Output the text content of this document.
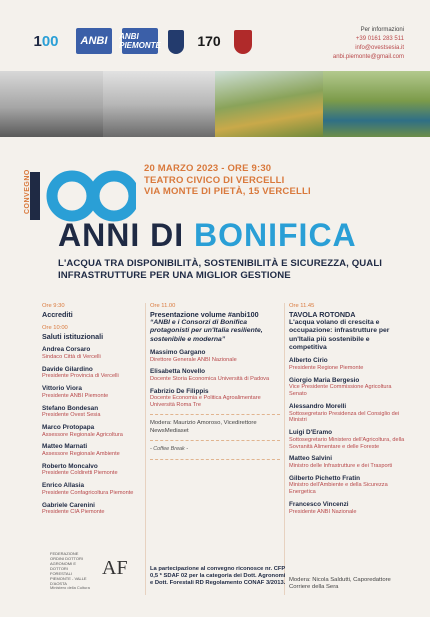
1 00	ANBI	ANBI PIEMONTE	170
Per informazioni
+39 0161 283 511
info@ovestsesia.it
anbi.piemonte@gmail.com
20 MARZO 2023 - ORE 9:30
TEATRO CIVICO DI VERCELLI
VIA MONTE DI PIETÀ, 15 VERCELLI
CONVEGNO
ANNI DI BONIFICA
L'ACQUA TRA DISPONIBILITÀ, SOSTENIBILITÀ E SICUREZZA, QUALI INFRASTRUTTURE PER UNA MIGLIOR GESTIONE
Ore 9:30
Accrediti
Ore 10:00
Saluti istituzionali
Andrea Corsaro
Sindaco Città di Vercelli
Davide Gilardino
Presidente Provincia di Vercelli
Vittorio Viora
Presidente ANBI Piemonte
Stefano Bondesan
Presidente Ovest Sesia
Marco Protopapa
Assessore Regionale Agricoltura
Matteo Marnati
Assessore Regionale Ambiente
Roberto Moncalvo
Presidente Coldiretti Piemonte
Enrico Allasia
Presidente Confagricoltura Piemonte
Gabriele Carenini
Presidente CIA Piemonte
Ore 11.00
Presentazione volume #anbi100
“ANBI e i Consorzi di Bonifica protagonisti per un'Italia resiliente, sostenibile e moderna”
Massimo Gargano
Direttore Generale ANBI Nazionale
Elisabetta Novello
Docente Storia Economica Università di Padova
Fabrizio De Filippis
Docente Economia e Politica Agroalimentare Università Roma Tre
Modera: Maurizio Amoroso, Vicedirettore NewsMediaset
- Coffee Break -
Ore 11.45
TAVOLA ROTONDA
L'acqua volano di crescita e occupazione: infrastrutture per un'Italia più sostenibile e competitiva
Alberto Cirio
Presidente Regione Piemonte
Giorgio Maria Bergesio
Vice Presidente Commissione Agricoltura Senato
Alessandro Morelli
Sottosegretario Presidenza del Consiglio dei Ministri
Luigi D'Eramo
Sottosegretario Ministero dell'Agricoltura, della Sovranità Alimentare e delle Foreste
Matteo Salvini
Ministro delle Infrastrutture e dei Trasporti
Gilberto Pichetto Fratin
Ministro dell'Ambiente e della Sicurezza Energetica
Francesco Vincenzi
Presidente ANBI Nazionale
FEDERAZIONE ORDINI DOTTORI AGRONOMI E DOTTORI FORESTALI PIEMONTE - VALLE D'AOSTA
AF
Ministero della Cultura
La partecipazione al convegno riconosce nr. CFP 0,5 * SDAF 02 per la categoria dei Dott. Agronomi e Dott. Forestali RD Regolamento CONAF 3/2013. Modera: Nicola Saldutti, Caporedattore Corriere della Sera
